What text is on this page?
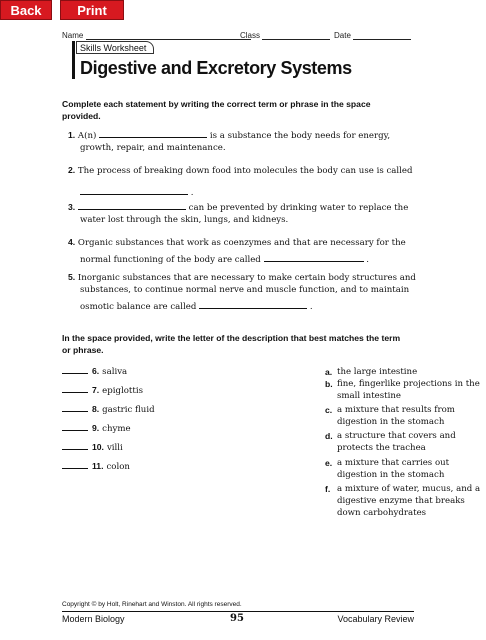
Back	Print
Name	Class	Date
Skills Worksheet
Digestive and Excretory Systems
Complete each statement by writing the correct term or phrase in the space provided.
1. A(n)	is a substance the body needs for energy, growth, repair, and maintenance.
2. The process of breaking down food into molecules the body can use is called
.
3.	can be prevented by drinking water to replace the water lost through the skin, lungs, and kidneys.
4. Organic substances that work as coenzymes and that are necessary for the
normal functioning of the body are called	.
5. Inorganic substances that are necessary to make certain body structures and substances, to continue normal nerve and muscle function, and to maintain
osmotic balance are called	.
In the space provided, write the letter of the description that best matches the term or phrase.
6. saliva
7. epiglottis
8. gastric fluid
9. chyme
10. villi
11. colon
a. the large intestine
b. fine, fingerlike projections in the small intestine
c. a mixture that results from digestion in the stomach
d. a structure that covers and protects the trachea
e. a mixture that carries out digestion in the stomach
f. a mixture of water, mucus, and a digestive enzyme that breaks down carbohydrates
Copyright © by Holt, Rinehart and Winston. All rights reserved.
Modern Biology	95	Vocabulary Review
